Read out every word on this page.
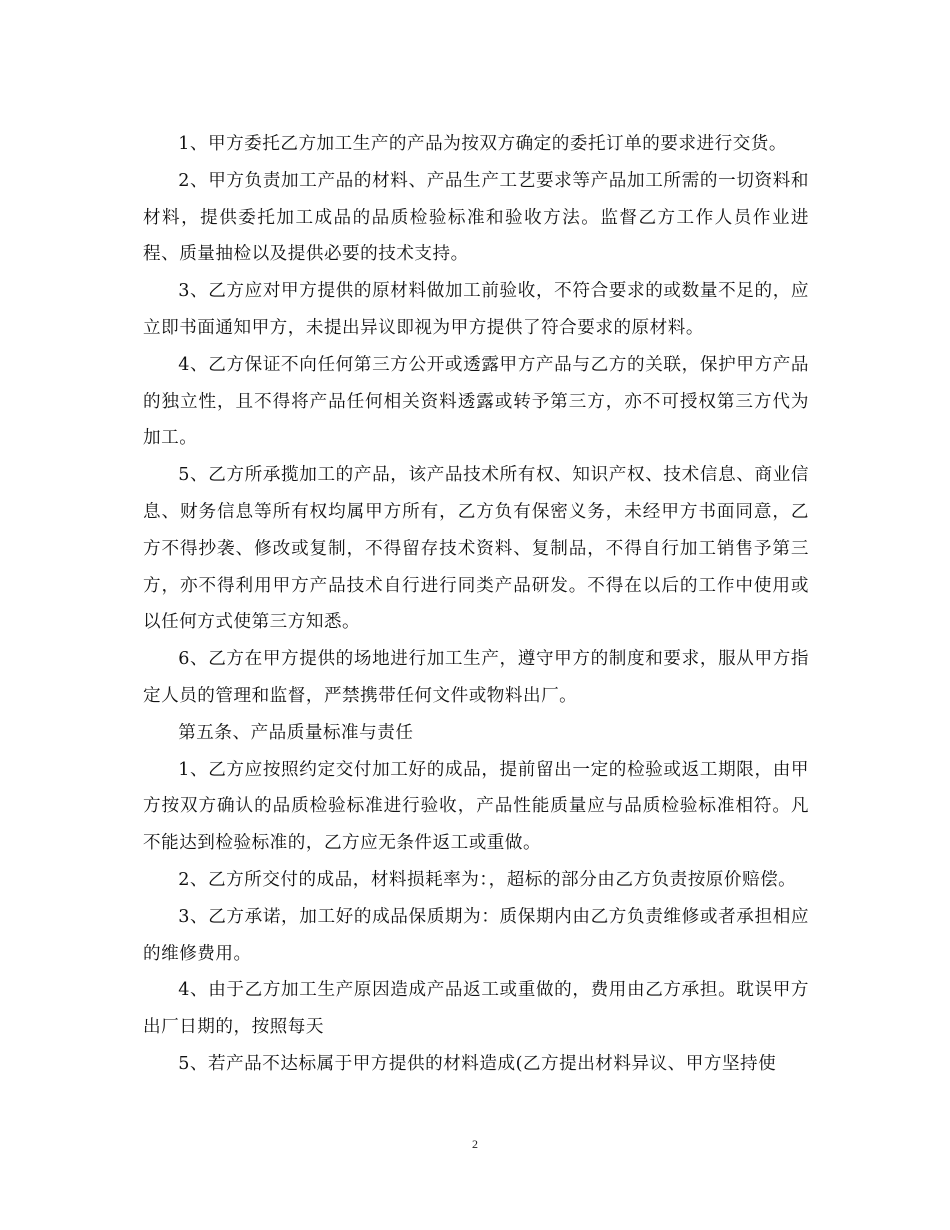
1、甲方委托乙方加工生产的产品为按双方确定的委托订单的要求进行交货。

2、甲方负责加工产品的材料、产品生产工艺要求等产品加工所需的一切资料和材料，提供委托加工成品的品质检验标准和验收方法。监督乙方工作人员作业进程、质量抽检以及提供必要的技术支持。

3、乙方应对甲方提供的原材料做加工前验收，不符合要求的或数量不足的，应立即书面通知甲方，未提出异议即视为甲方提供了符合要求的原材料。

4、乙方保证不向任何第三方公开或透露甲方产品与乙方的关联，保护甲方产品的独立性，且不得将产品任何相关资料透露或转予第三方，亦不可授权第三方代为加工。

5、乙方所承揽加工的产品，该产品技术所有权、知识产权、技术信息、商业信息、财务信息等所有权均属甲方所有，乙方负有保密义务，未经甲方书面同意，乙方不得抄袭、修改或复制，不得留存技术资料、复制品，不得自行加工销售予第三方，亦不得利用甲方产品技术自行进行同类产品研发。不得在以后的工作中使用或以任何方式使第三方知悉。

6、乙方在甲方提供的场地进行加工生产，遵守甲方的制度和要求，服从甲方指定人员的管理和监督，严禁携带任何文件或物料出厂。

第五条、产品质量标准与责任

1、乙方应按照约定交付加工好的成品，提前留出一定的检验或返工期限，由甲方按双方确认的品质检验标准进行验收，产品性能质量应与品质检验标准相符。凡不能达到检验标准的，乙方应无条件返工或重做。

2、乙方所交付的成品，材料损耗率为：，超标的部分由乙方负责按原价赔偿。

3、乙方承诺，加工好的成品保质期为：质保期内由乙方负责维修或者承担相应的维修费用。

4、由于乙方加工生产原因造成产品返工或重做的，费用由乙方承担。耽误甲方出厂日期的，按照每天

5、若产品不达标属于甲方提供的材料造成(乙方提出材料异议、甲方坚持使

2
